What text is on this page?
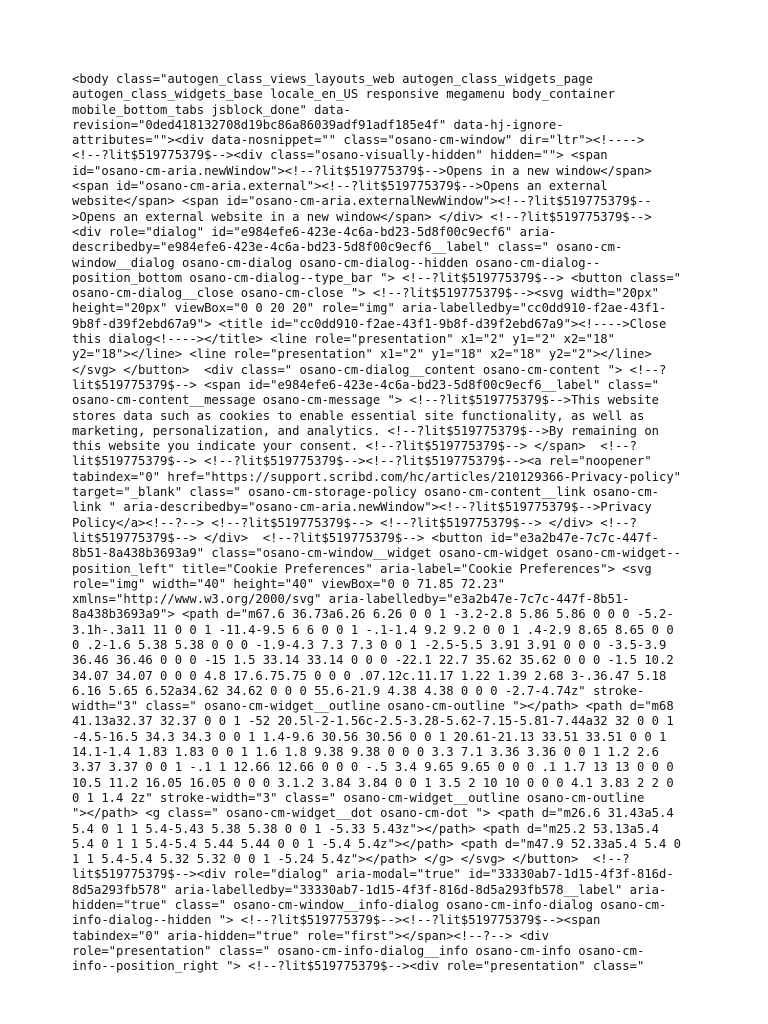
<body class="autogen_class_views_layouts_web autogen_class_widgets_page
autogen_class_widgets_base locale_en_US responsive megamenu body_container
mobile_bottom_tabs jsblock_done" data-
revision="0ded418132708d19bc86a86039adf91adf185e4f" data-hj-ignore-
attributes=""><div data-nosnippet="" class="osano-cm-window" dir="ltr"><!---->
<!--?lit$519775379$--><div class="osano-visually-hidden" hidden=""> <span
id="osano-cm-aria.newWindow"><!--?lit$519775379$-->Opens in a new window</span>
<span id="osano-cm-aria.external"><!--?lit$519775379$-->Opens an external
website</span> <span id="osano-cm-aria.externalNewWindow"><!--?lit$519775379$--
>Opens an external website in a new window</span> </div> <!--?lit$519775379$-->
<div role="dialog" id="e984efe6-423e-4c6a-bd23-5d8f00c9ecf6" aria-
describedby="e984efe6-423e-4c6a-bd23-5d8f00c9ecf6__label" class=" osano-cm-
window__dialog osano-cm-dialog osano-cm-dialog--hidden osano-cm-dialog--
position_bottom osano-cm-dialog--type_bar "> <!--?lit$519775379$--> <button class="
osano-cm-dialog__close osano-cm-close "> <!--?lit$519775379$--><svg width="20px"
height="20px" viewBox="0 0 20 20" role="img" aria-labelledby="cc0dd910-f2ae-43f1-
9b8f-d39f2ebd67a9"> <title id="cc0dd910-f2ae-43f1-9b8f-d39f2ebd67a9"><!---->Close
this dialog<!----></title> <line role="presentation" x1="2" y1="2" x2="18"
y2="18"></line> <line role="presentation" x1="2" y1="18" x2="18" y2="2"></line>
</svg> </button>  <div class=" osano-cm-dialog__content osano-cm-content "> <!--?
lit$519775379$--> <span id="e984efe6-423e-4c6a-bd23-5d8f00c9ecf6__label" class="
osano-cm-content__message osano-cm-message "> <!--?lit$519775379$-->This website
stores data such as cookies to enable essential site functionality, as well as
marketing, personalization, and analytics. <!--?lit$519775379$-->By remaining on
this website you indicate your consent. <!--?lit$519775379$--> </span>  <!--?
lit$519775379$--> <!--?lit$519775379$--><!--?lit$519775379$--><a rel="noopener"
tabindex="0" href="https://support.scribd.com/hc/articles/210129366-Privacy-policy"
target="_blank" class=" osano-cm-storage-policy osano-cm-content__link osano-cm-
link " aria-describedby="osano-cm-aria.newWindow"><!--?lit$519775379$-->Privacy
Policy</a><!--?--> <!--?lit$519775379$--> <!--?lit$519775379$--> </div> <!--?
lit$519775379$--> </div>  <!--?lit$519775379$--> <button id="e3a2b47e-7c7c-447f-
8b51-8a438b3693a9" class="osano-cm-window__widget osano-cm-widget osano-cm-widget--
position_left" title="Cookie Preferences" aria-label="Cookie Preferences"> <svg
role="img" width="40" height="40" viewBox="0 0 71.85 72.23"
xmlns="http://www.w3.org/2000/svg" aria-labelledby="e3a2b47e-7c7c-447f-8b51-
8a438b3693a9"> <path d="m67.6 36.73a6.26 6.26 0 0 1 -3.2-2.8 5.86 5.86 0 0 0 -5.2-
3.1h-.3a11 11 0 0 1 -11.4-9.5 6 6 0 0 1 -.1-1.4 9.2 9.2 0 0 1 .4-2.9 8.65 8.65 0 0
0 .2-1.6 5.38 5.38 0 0 0 -1.9-4.3 7.3 7.3 0 0 1 -2.5-5.5 3.91 3.91 0 0 0 -3.5-3.9
36.46 36.46 0 0 0 -15 1.5 33.14 33.14 0 0 0 -22.1 22.7 35.62 35.62 0 0 0 -1.5 10.2
34.07 34.07 0 0 0 4.8 17.6.75.75 0 0 0 .07.12c.11.17 1.22 1.39 2.68 3-.36.47 5.18
6.16 5.65 6.52a34.62 34.62 0 0 0 55.6-21.9 4.38 4.38 0 0 0 -2.7-4.74z" stroke-
width="3" class=" osano-cm-widget__outline osano-cm-outline "></path> <path d="m68
41.13a32.37 32.37 0 0 1 -52 20.5l-2-1.56c-2.5-3.28-5.62-7.15-5.81-7.44a32 32 0 0 1
-4.5-16.5 34.3 34.3 0 0 1 1.4-9.6 30.56 30.56 0 0 1 20.61-21.13 33.51 33.51 0 0 1
14.1-1.4 1.83 1.83 0 0 1 1.6 1.8 9.38 9.38 0 0 0 3.3 7.1 3.36 3.36 0 0 1 1.2 2.6
3.37 3.37 0 0 1 -.1 1 12.66 12.66 0 0 0 -.5 3.4 9.65 9.65 0 0 0 .1 1.7 13 13 0 0 0
10.5 11.2 16.05 16.05 0 0 0 3.1.2 3.84 3.84 0 0 1 3.5 2 10 10 0 0 0 4.1 3.83 2 2 0
0 1 1.4 2z" stroke-width="3" class=" osano-cm-widget__outline osano-cm-outline
"></path> <g class=" osano-cm-widget__dot osano-cm-dot "> <path d="m26.6 31.43a5.4
5.4 0 1 1 5.4-5.43 5.38 5.38 0 0 1 -5.33 5.43z"></path> <path d="m25.2 53.13a5.4
5.4 0 1 1 5.4-5.4 5.44 5.44 0 0 1 -5.4 5.4z"></path> <path d="m47.9 52.33a5.4 5.4 0
1 1 5.4-5.4 5.32 5.32 0 0 1 -5.24 5.4z"></path> </g> </svg> </button>  <!--?
lit$519775379$--><div role="dialog" aria-modal="true" id="33330ab7-1d15-4f3f-816d-
8d5a293fb578" aria-labelledby="33330ab7-1d15-4f3f-816d-8d5a293fb578__label" aria-
hidden="true" class=" osano-cm-window__info-dialog osano-cm-info-dialog osano-cm-
info-dialog--hidden "> <!--?lit$519775379$--><!--?lit$519775379$--><span
tabindex="0" aria-hidden="true" role="first"></span><!--?--> <div
role="presentation" class=" osano-cm-info-dialog__info osano-cm-info osano-cm-
info--position_right "> <!--?lit$519775379$--><div role="presentation" class="
